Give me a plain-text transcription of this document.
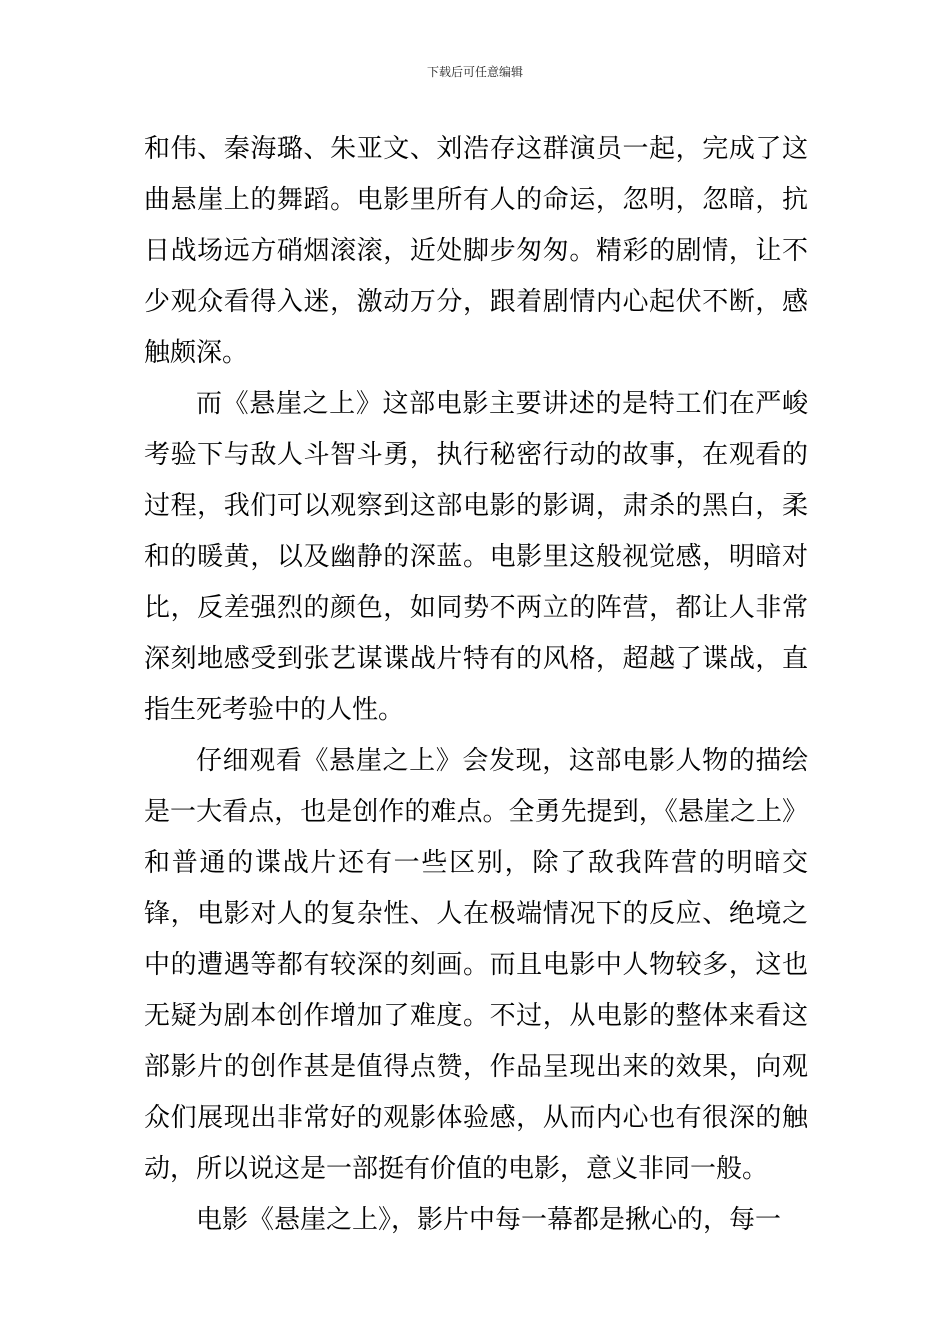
下载后可任意编辑

和伟、秦海璐、朱亚文、刘浩存这群演员一起，完成了这曲悬崖上的舞蹈。电影里所有人的命运，忽明，忽暗，抗日战场远方硝烟滚滚，近处脚步匆匆。精彩的剧情，让不少观众看得入迷，激动万分，跟着剧情内心起伏不断，感触颇深。

而《悬崖之上》这部电影主要讲述的是特工们在严峻考验下与敌人斗智斗勇，执行秘密行动的故事，在观看的过程，我们可以观察到这部电影的影调，肃杀的黑白，柔和的暖黄，以及幽静的深蓝。电影里这般视觉感，明暗对比，反差强烈的颜色，如同势不两立的阵营，都让人非常深刻地感受到张艺谋谍战片特有的风格，超越了谍战，直指生死考验中的人性。

仔细观看《悬崖之上》会发现，这部电影人物的描绘是一大看点，也是创作的难点。全勇先提到，《悬崖之上》和普通的谍战片还有一些区别，除了敌我阵营的明暗交锋，电影对人的复杂性、人在极端情况下的反应、绝境之中的遭遇等都有较深的刻画。而且电影中人物较多，这也无疑为剧本创作增加了难度。不过，从电影的整体来看这部影片的创作甚是值得点赞，作品呈现出来的效果，向观众们展现出非常好的观影体验感，从而内心也有很深的触动，所以说这是一部挺有价值的电影，意义非同一般。

电影《悬崖之上》，影片中每一幕都是揪心的，每一
